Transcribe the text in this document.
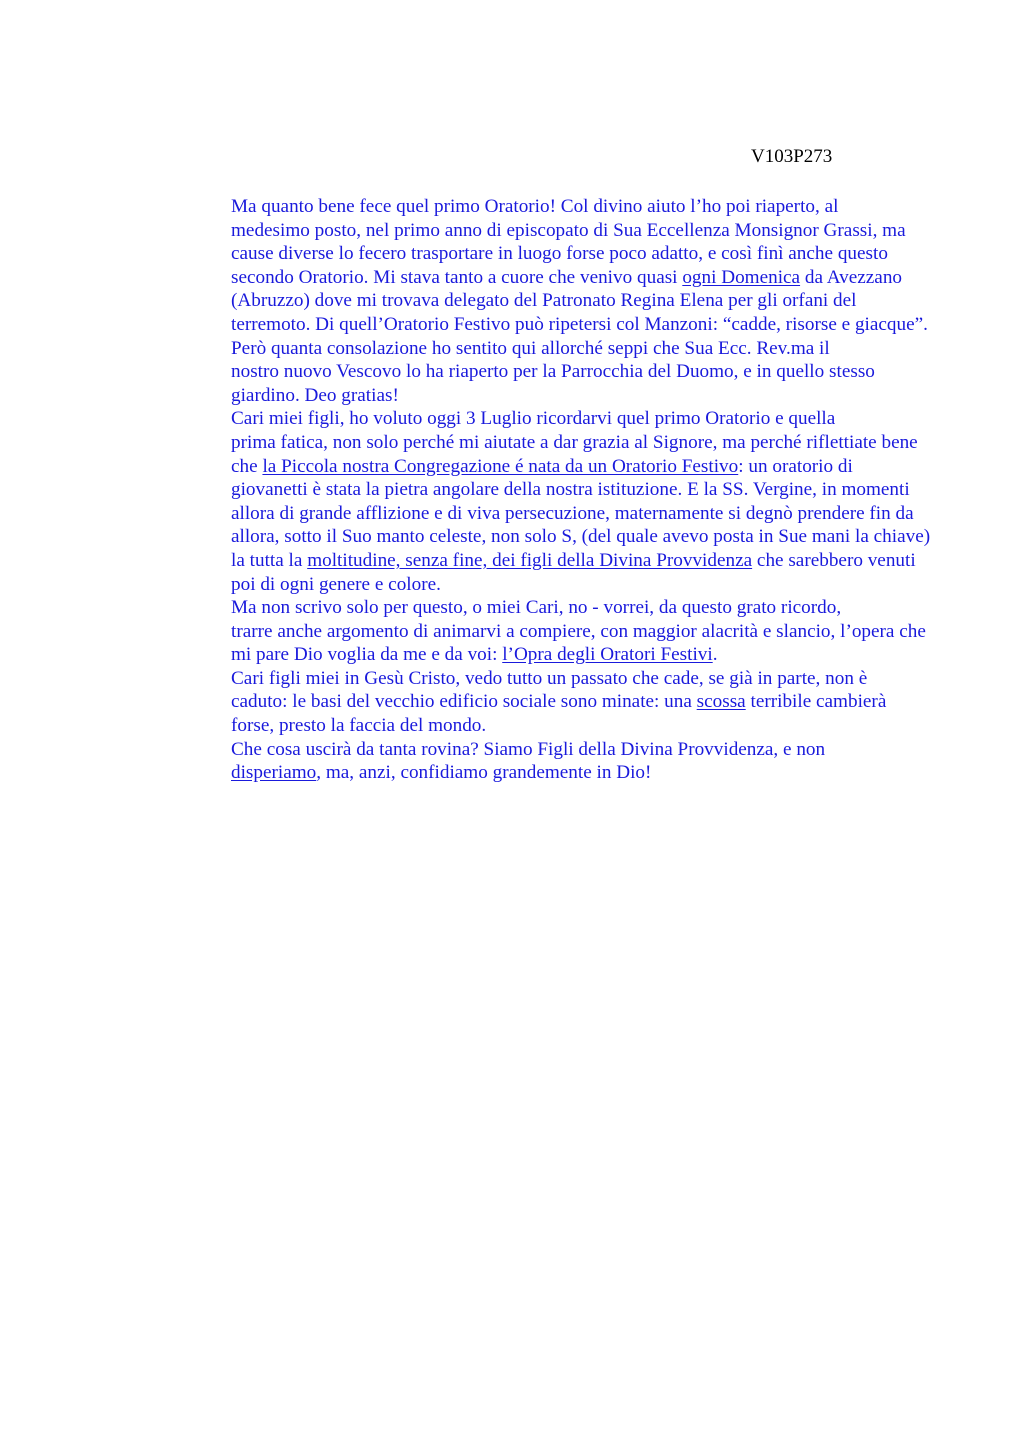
V103P273

Ma quanto bene fece quel primo Oratorio! Col divino aiuto l’ho poi riaperto, al
medesimo posto, nel primo anno di episcopato di Sua Eccellenza Monsignor Grassi, ma
cause diverse lo fecero trasportare in luogo forse poco adatto, e così finì anche questo
secondo Oratorio. Mi stava tanto a cuore che venivo quasi ogni Domenica da Avezzano
(Abruzzo) dove mi trovava delegato del Patronato Regina Elena per gli orfani del
terremoto. Di quell’Oratorio Festivo può ripetersi col Manzoni: “cadde, risorse e giacque”.

Però quanta consolazione ho sentito qui allorché seppi che Sua Ecc. Rev.ma il
nostro nuovo Vescovo lo ha riaperto per la Parrocchia del Duomo, e in quello stesso
giardino. Deo gratias!

Cari miei figli, ho voluto oggi 3 Luglio ricordarvi quel primo Oratorio e quella
prima fatica, non solo perché mi aiutate a dar grazia al Signore, ma perché riflettiate bene
che la Piccola nostra Congregazione é nata da un Oratorio Festivo: un oratorio di
giovanetti è stata la pietra angolare della nostra istituzione. E la SS. Vergine, in momenti
allora di grande afflizione e di viva persecuzione, maternamente si degnò prendere fin da
allora, sotto il Suo manto celeste, non solo S, (del quale avevo posta in Sue mani la chiave)
la tutta la moltitudine, senza fine, dei figli della Divina Provvidenza che sarebbero venuti
poi di ogni genere e colore.

Ma non scrivo solo per questo, o miei Cari, no - vorrei, da questo grato ricordo,
trarre anche argomento di animarvi a compiere, con maggior alacrità e slancio, l’opera che
mi pare Dio voglia da me e da voi: l’Opra degli Oratori Festivi.

Cari figli miei in Gesù Cristo, vedo tutto un passato che cade, se già in parte, non è
caduto: le basi del vecchio edificio sociale sono minate: una scossa terribile cambierà
forse, presto la faccia del mondo.

Che cosa uscirà da tanta rovina? Siamo Figli della Divina Provvidenza, e non
disperiamo, ma, anzi, confidiamo grandemente in Dio!
